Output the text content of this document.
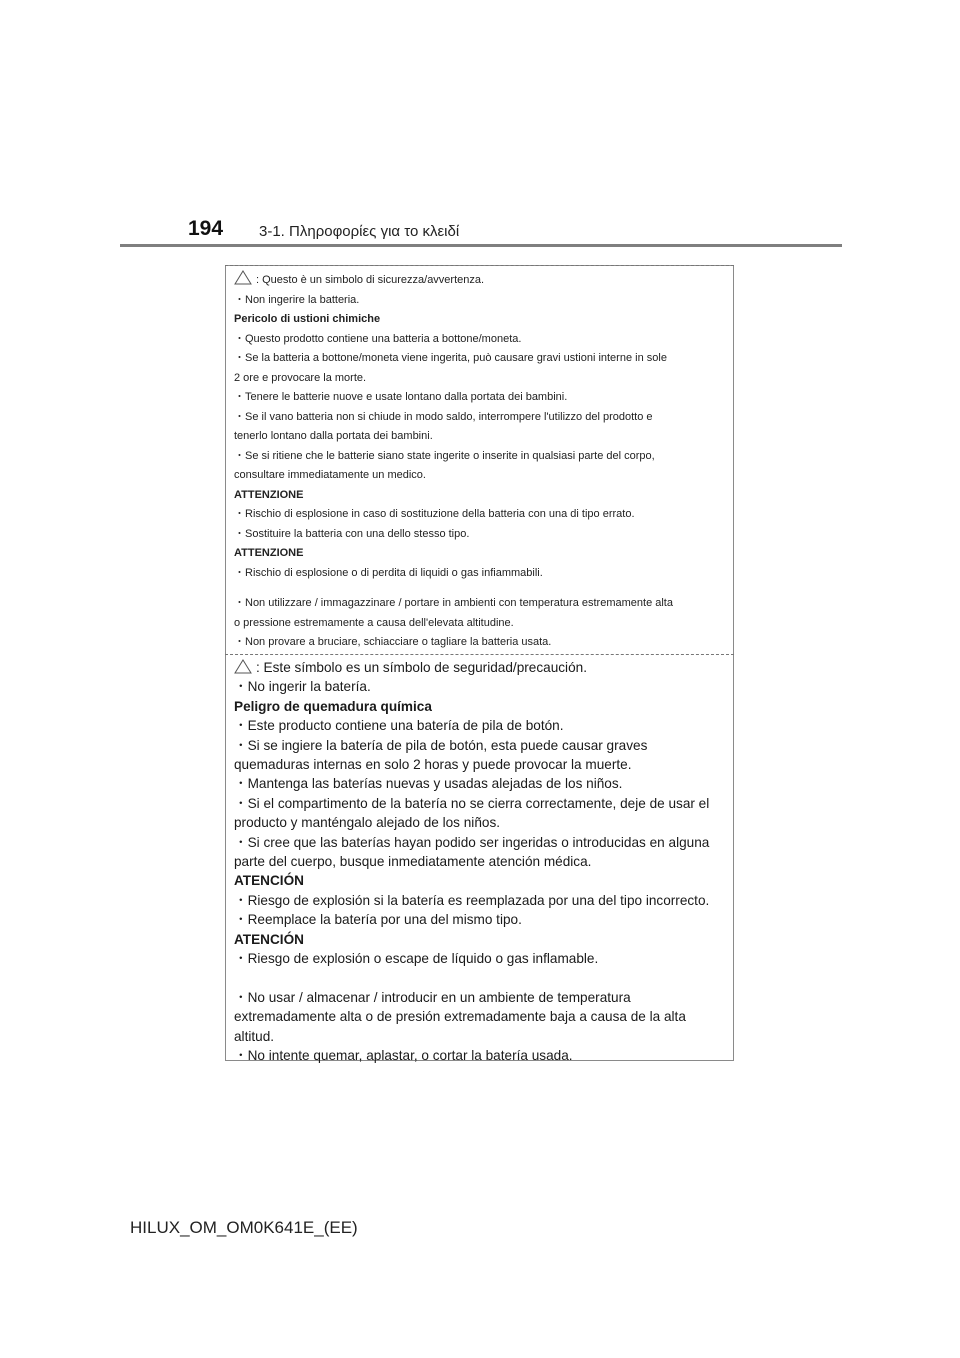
194 3-1. Πληροφορίες για το κλειδί

: Questo è un simbolo di sicurezza/avvertenza.

・Non ingerire la batteria.

Pericolo di ustioni chimiche

・Questo prodotto contiene una batteria a bottone/moneta.

・Se la batteria a bottone/moneta viene ingerita, può causare gravi ustioni interne in sole

2 ore e provocare la morte.

・Tenere le batterie nuove e usate lontano dalla portata dei bambini.

・Se il vano batteria non si chiude in modo saldo, interrompere l'utilizzo del prodotto e

tenerlo lontano dalla portata dei bambini.

・Se si ritiene che le batterie siano state ingerite o inserite in qualsiasi parte del corpo,

consultare immediatamente un medico.

ATTENZIONE

・Rischio di esplosione in caso di sostituzione della batteria con una di tipo errato.

・Sostituire la batteria con una dello stesso tipo.

ATTENZIONE

・Rischio di esplosione o di perdita di liquidi o gas infiammabili.

・Non utilizzare / immagazzinare / portare in ambienti con temperatura estremamente alta

o pressione estremamente a causa dell'elevata altitudine.

・Non provare a bruciare, schiacciare o tagliare la batteria usata.

: Este símbolo es un símbolo de seguridad/precaución.

・No ingerir la batería.

Peligro de quemadura química

・Este producto contiene una batería de pila de botón.

・Si se ingiere la batería de pila de botón, esta puede causar graves

quemaduras internas en solo 2 horas y puede provocar la muerte.

・Mantenga las baterías nuevas y usadas alejadas de los niños.

・Si el compartimento de la batería no se cierra correctamente, deje de usar el

producto y manténgalo alejado de los niños.

・Si cree que las baterías hayan podido ser ingeridas o introducidas en alguna

parte del cuerpo, busque inmediatamente atención médica.

ATENCIÓN

・Riesgo de explosión si la batería es reemplazada por una del tipo incorrecto.

・Reemplace la batería por una del mismo tipo.

ATENCIÓN

・Riesgo de explosión o escape de líquido o gas inflamable.

・No usar / almacenar / introducir en un ambiente de temperatura

extremadamente alta o de presión extremadamente baja a causa de la alta

altitud.

・No intente quemar, aplastar, o cortar la batería usada.

HILUX_OM_OM0K641E_(EE)
